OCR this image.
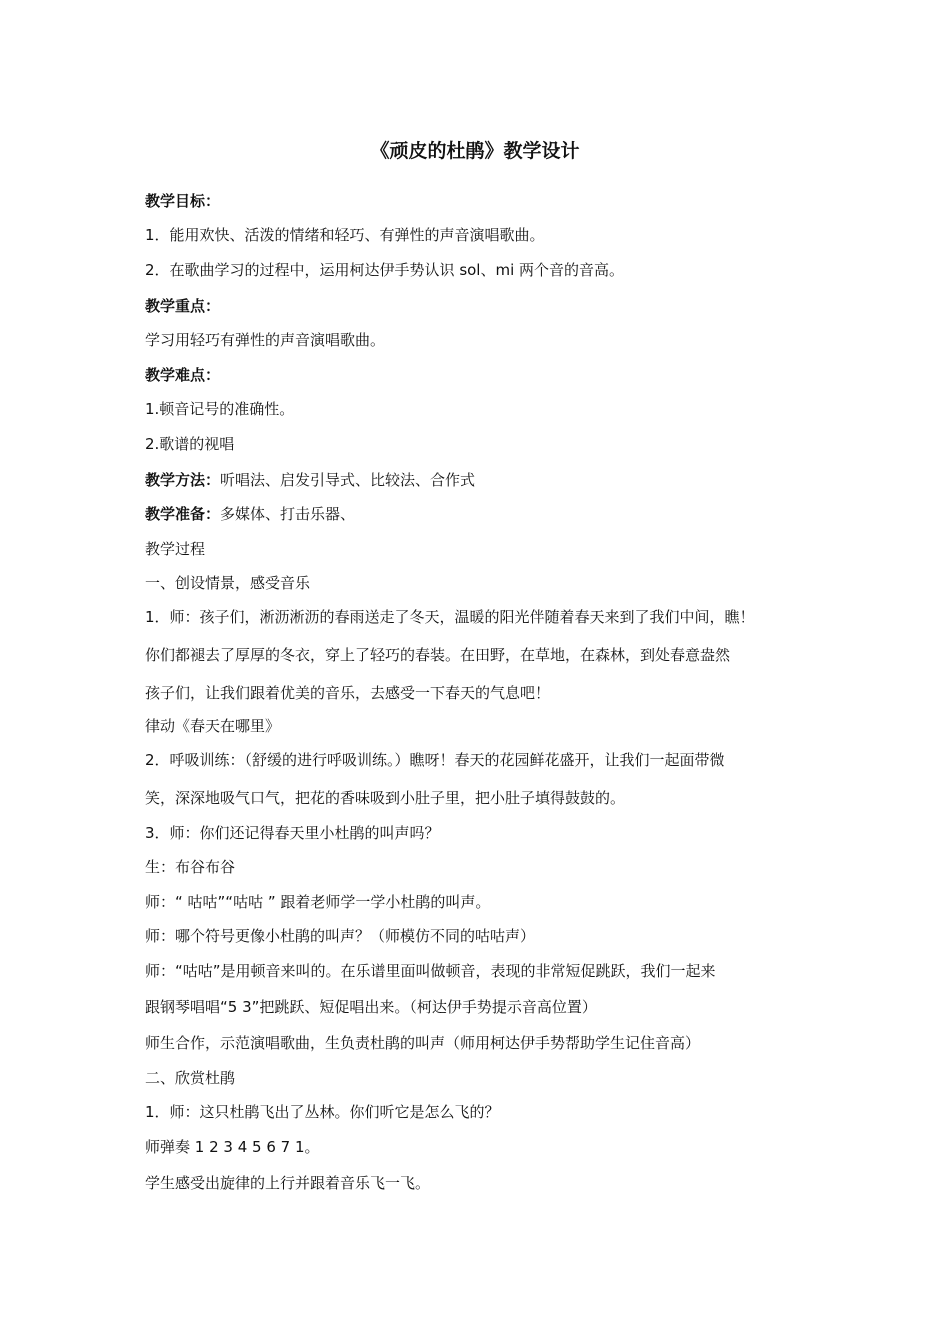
《顽皮的杜鹃》教学设计
教学目标：
1．能用欢快、活泼的情绪和轻巧、有弹性的声音演唱歌曲。
2．在歌曲学习的过程中，运用柯达伊手势认识 sol、mi 两个音的音高。
教学重点：
学习用轻巧有弹性的声音演唱歌曲。
教学难点：
1.顿音记号的准确性。
2.歌谱的视唱
教学方法：听唱法、启发引导式、比较法、合作式
教学准备：多媒体、打击乐器、
教学过程
一、创设情景，感受音乐
1．师：孩子们，淅沥淅沥的春雨送走了冬天，温暖的阳光伴随着春天来到了我们中间，瞧！
你们都褪去了厚厚的冬衣，穿上了轻巧的春装。在田野，在草地，在森林，到处春意盎然
孩子们，让我们跟着优美的音乐，去感受一下春天的气息吧！
律动《春天在哪里》
2．呼吸训练：（舒缓的进行呼吸训练。）瞧呀！春天的花园鲜花盛开，让我们一起面带微
笑，深深地吸气口气，把花的香味吸到小肚子里，把小肚子填得鼓鼓的。
3．师：你们还记得春天里小杜鹃的叫声吗？
生：布谷布谷
师：“ 咕咕”“咕咕 ” 跟着老师学一学小杜鹃的叫声。
师：哪个符号更像小杜鹃的叫声？（师模仿不同的咕咕声）
师：“咕咕”是用顿音来叫的。在乐谱里面叫做顿音，表现的非常短促跳跃，我们一起来
跟钢琴唱唱“5 3”把跳跃、短促唱出来。（柯达伊手势提示音高位置）
师生合作，示范演唱歌曲，生负责杜鹃的叫声（师用柯达伊手势帮助学生记住音高）
二、欣赏杜鹃
1．师：这只杜鹃飞出了丛林。你们听它是怎么飞的？
师弹奏 1 2 3 4 5 6 7 1。
学生感受出旋律的上行并跟着音乐飞一飞。
